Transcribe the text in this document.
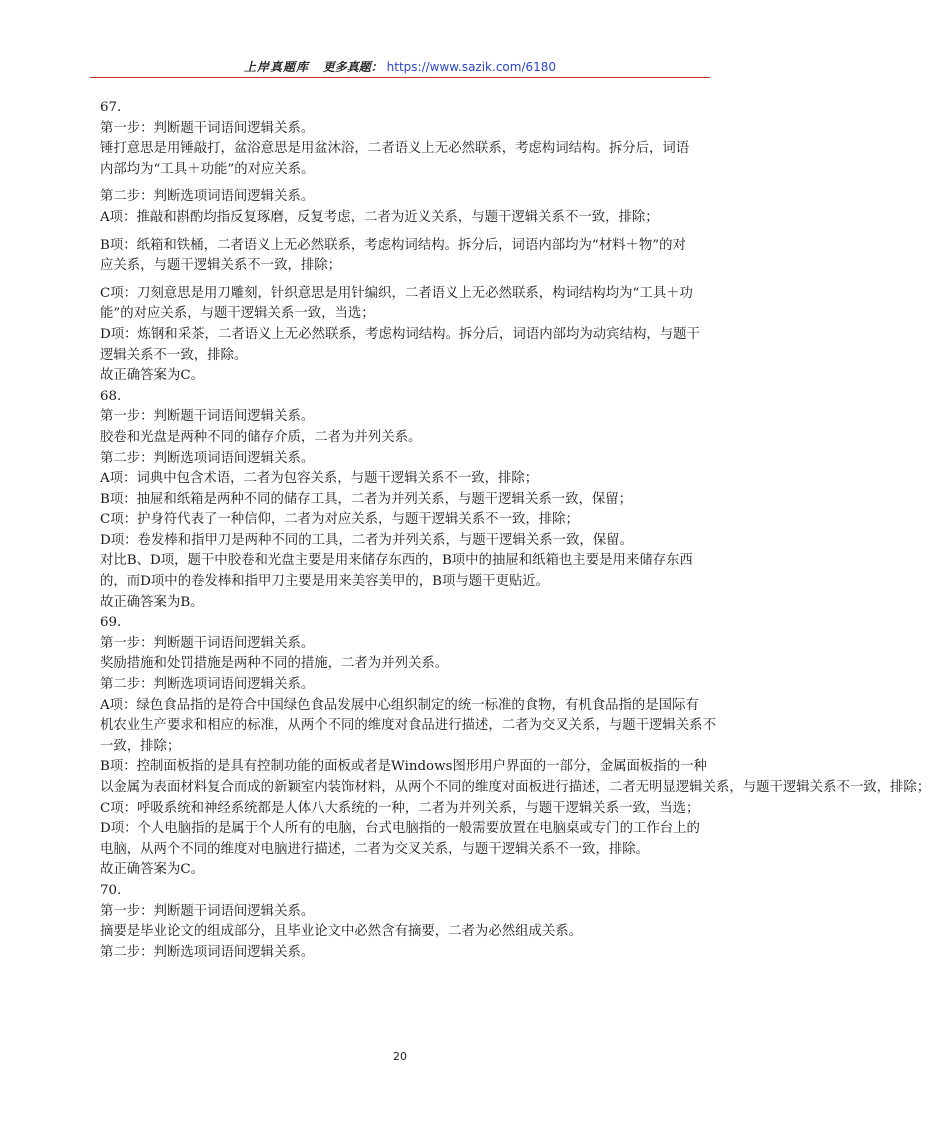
上岸真题库 更多真题： https://www.sazik.com/6180
67.
第一步：判断题干词语间逻辑关系。
锤打意思是用锤敲打，盆浴意思是用盆沐浴，二者语义上无必然联系，考虑构词结构。拆分后，词语
内部均为“工具＋功能”的对应关系。
第二步：判断选项词语间逻辑关系。
A项：推敲和斟酌均指反复琢磨，反复考虑，二者为近义关系，与题干逻辑关系不一致，排除；
B项：纸箱和铁桶，二者语义上无必然联系，考虑构词结构。拆分后，词语内部均为“材料＋物”的对
应关系，与题干逻辑关系不一致，排除；
C项：刀刻意思是用刀雕刻，针织意思是用针编织，二者语义上无必然联系，构词结构均为“工具＋功
能”的对应关系，与题干逻辑关系一致，当选；
D项：炼钢和采茶，二者语义上无必然联系，考虑构词结构。拆分后，词语内部均为动宾结构，与题干
逻辑关系不一致，排除。
故正确答案为C。
68.
第一步：判断题干词语间逻辑关系。
胶卷和光盘是两种不同的储存介质，二者为并列关系。
第二步：判断选项词语间逻辑关系。
A项：词典中包含术语，二者为包容关系，与题干逻辑关系不一致，排除；
B项：抽屉和纸箱是两种不同的储存工具，二者为并列关系，与题干逻辑关系一致，保留；
C项：护身符代表了一种信仰，二者为对应关系，与题干逻辑关系不一致，排除；
D项：卷发棒和指甲刀是两种不同的工具，二者为并列关系，与题干逻辑关系一致，保留。
对比B、D项，题干中胶卷和光盘主要是用来储存东西的，B项中的抽屉和纸箱也主要是用来储存东西
的，而D项中的卷发棒和指甲刀主要是用来美容美甲的，B项与题干更贴近。
故正确答案为B。
69.
第一步：判断题干词语间逻辑关系。
奖励措施和处罚措施是两种不同的措施，二者为并列关系。
第二步：判断选项词语间逻辑关系。
A项：绿色食品指的是符合中国绿色食品发展中心组织制定的统一标准的食物，有机食品指的是国际有
机农业生产要求和相应的标准，从两个不同的维度对食品进行描述，二者为交叉关系，与题干逻辑关系不
一致，排除；
B项：控制面板指的是具有控制功能的面板或者是Windows图形用户界面的一部分，金属面板指的一种
以金属为表面材料复合而成的新颖室内装饰材料，从两个不同的维度对面板进行描述，二者无明显逻辑关系，与题干逻辑关系不一致，排除；
C项：呼吸系统和神经系统都是人体八大系统的一种，二者为并列关系，与题干逻辑关系一致，当选；
D项：个人电脑指的是属于个人所有的电脑，台式电脑指的一般需要放置在电脑桌或专门的工作台上的
电脑，从两个不同的维度对电脑进行描述，二者为交叉关系，与题干逻辑关系不一致，排除。
故正确答案为C。
70.
第一步：判断题干词语间逻辑关系。
摘要是毕业论文的组成部分，且毕业论文中必然含有摘要，二者为必然组成关系。
第二步：判断选项词语间逻辑关系。
20
